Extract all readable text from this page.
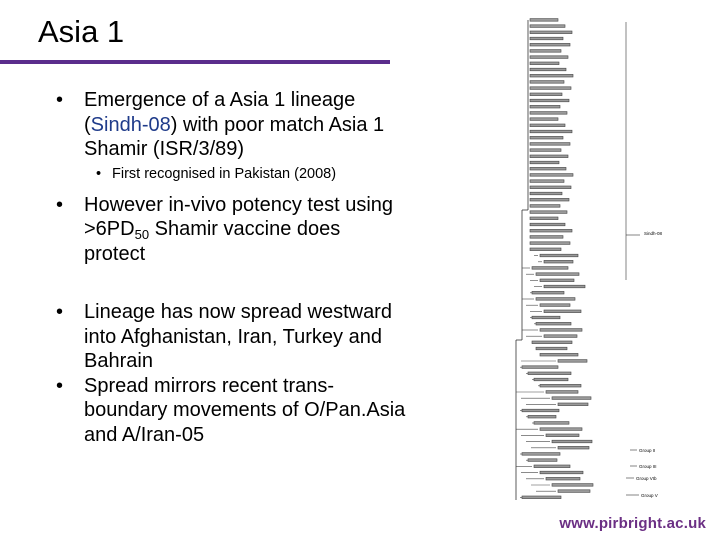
Asia 1
• Emergence of a Asia 1 lineage
(Sindh-08) with poor match Asia 1
Shamir (ISR/3/89)
• First recognised in Pakistan (2008)
• However in-vivo potency test using
$>6PD_{50}$ Shamir vaccine does
protect
• Lineage has now spread westward
into Afghanistan, Iran, Turkey and
Bahrain
• Spread mirrors recent trans-
boundary movements of O/Pan.Asia
and A/Iran-05
Sindh-08
Group II
Group III
Group VIb
Group V
www.pirbright.ac.uk
